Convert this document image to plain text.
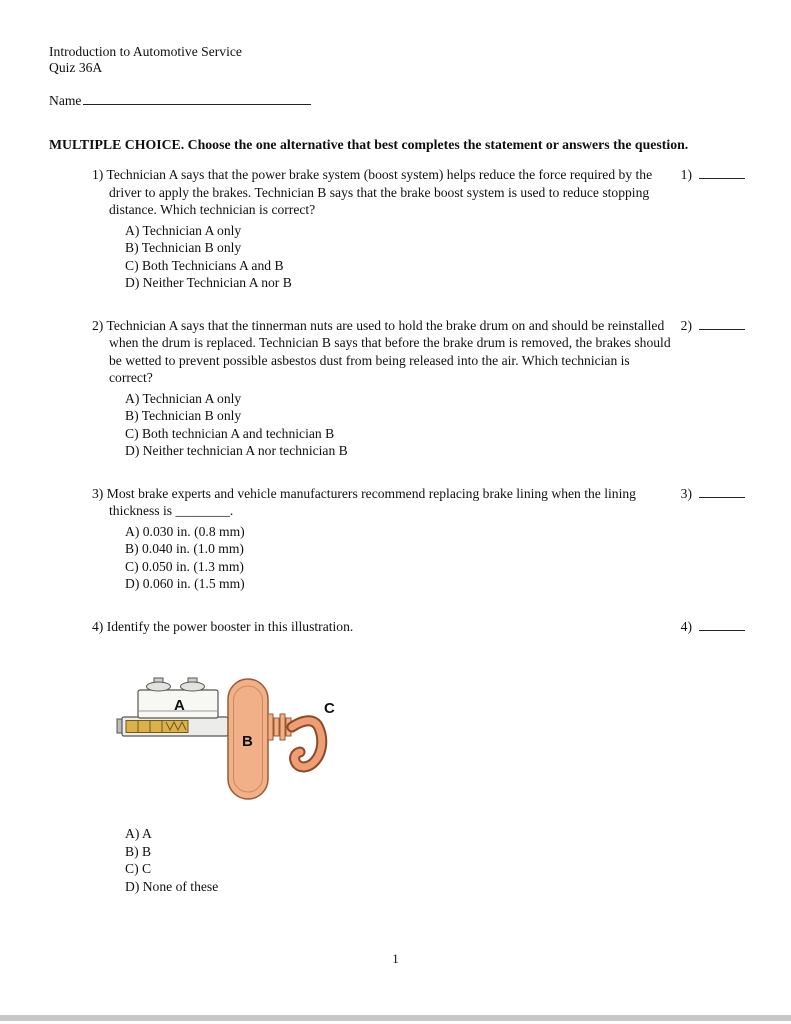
Introduction to Automotive Service
Quiz 36A
Name
MULTIPLE CHOICE. Choose the one alternative that best completes the statement or answers the question.
1) Technician A says that the power brake system (boost system) helps reduce the force required by the driver to apply the brakes. Technician B says that the brake boost system is used to reduce stopping distance. Which technician is correct?
A) Technician A only
B) Technician B only
C) Both Technicians A and B
D) Neither Technician A nor B
1)
2) Technician A says that the tinnerman nuts are used to hold the brake drum on and should be reinstalled when the drum is replaced. Technician B says that before the brake drum is removed, the brakes should be wetted to prevent possible asbestos dust from being released into the air. Which technician is correct?
A) Technician A only
B) Technician B only
C) Both technician A and technician B
D) Neither technician A nor technician B
2)
3) Most brake experts and vehicle manufacturers recommend replacing brake lining when the lining thickness is ________.
A) 0.030 in. (0.8 mm)
B) 0.040 in. (1.0 mm)
C) 0.050 in. (1.3 mm)
D) 0.060 in. (1.5 mm)
3)
4) Identify the power booster in this illustration.
A
B
C
A) A
B) B
C) C
D) None of these
4)
1
